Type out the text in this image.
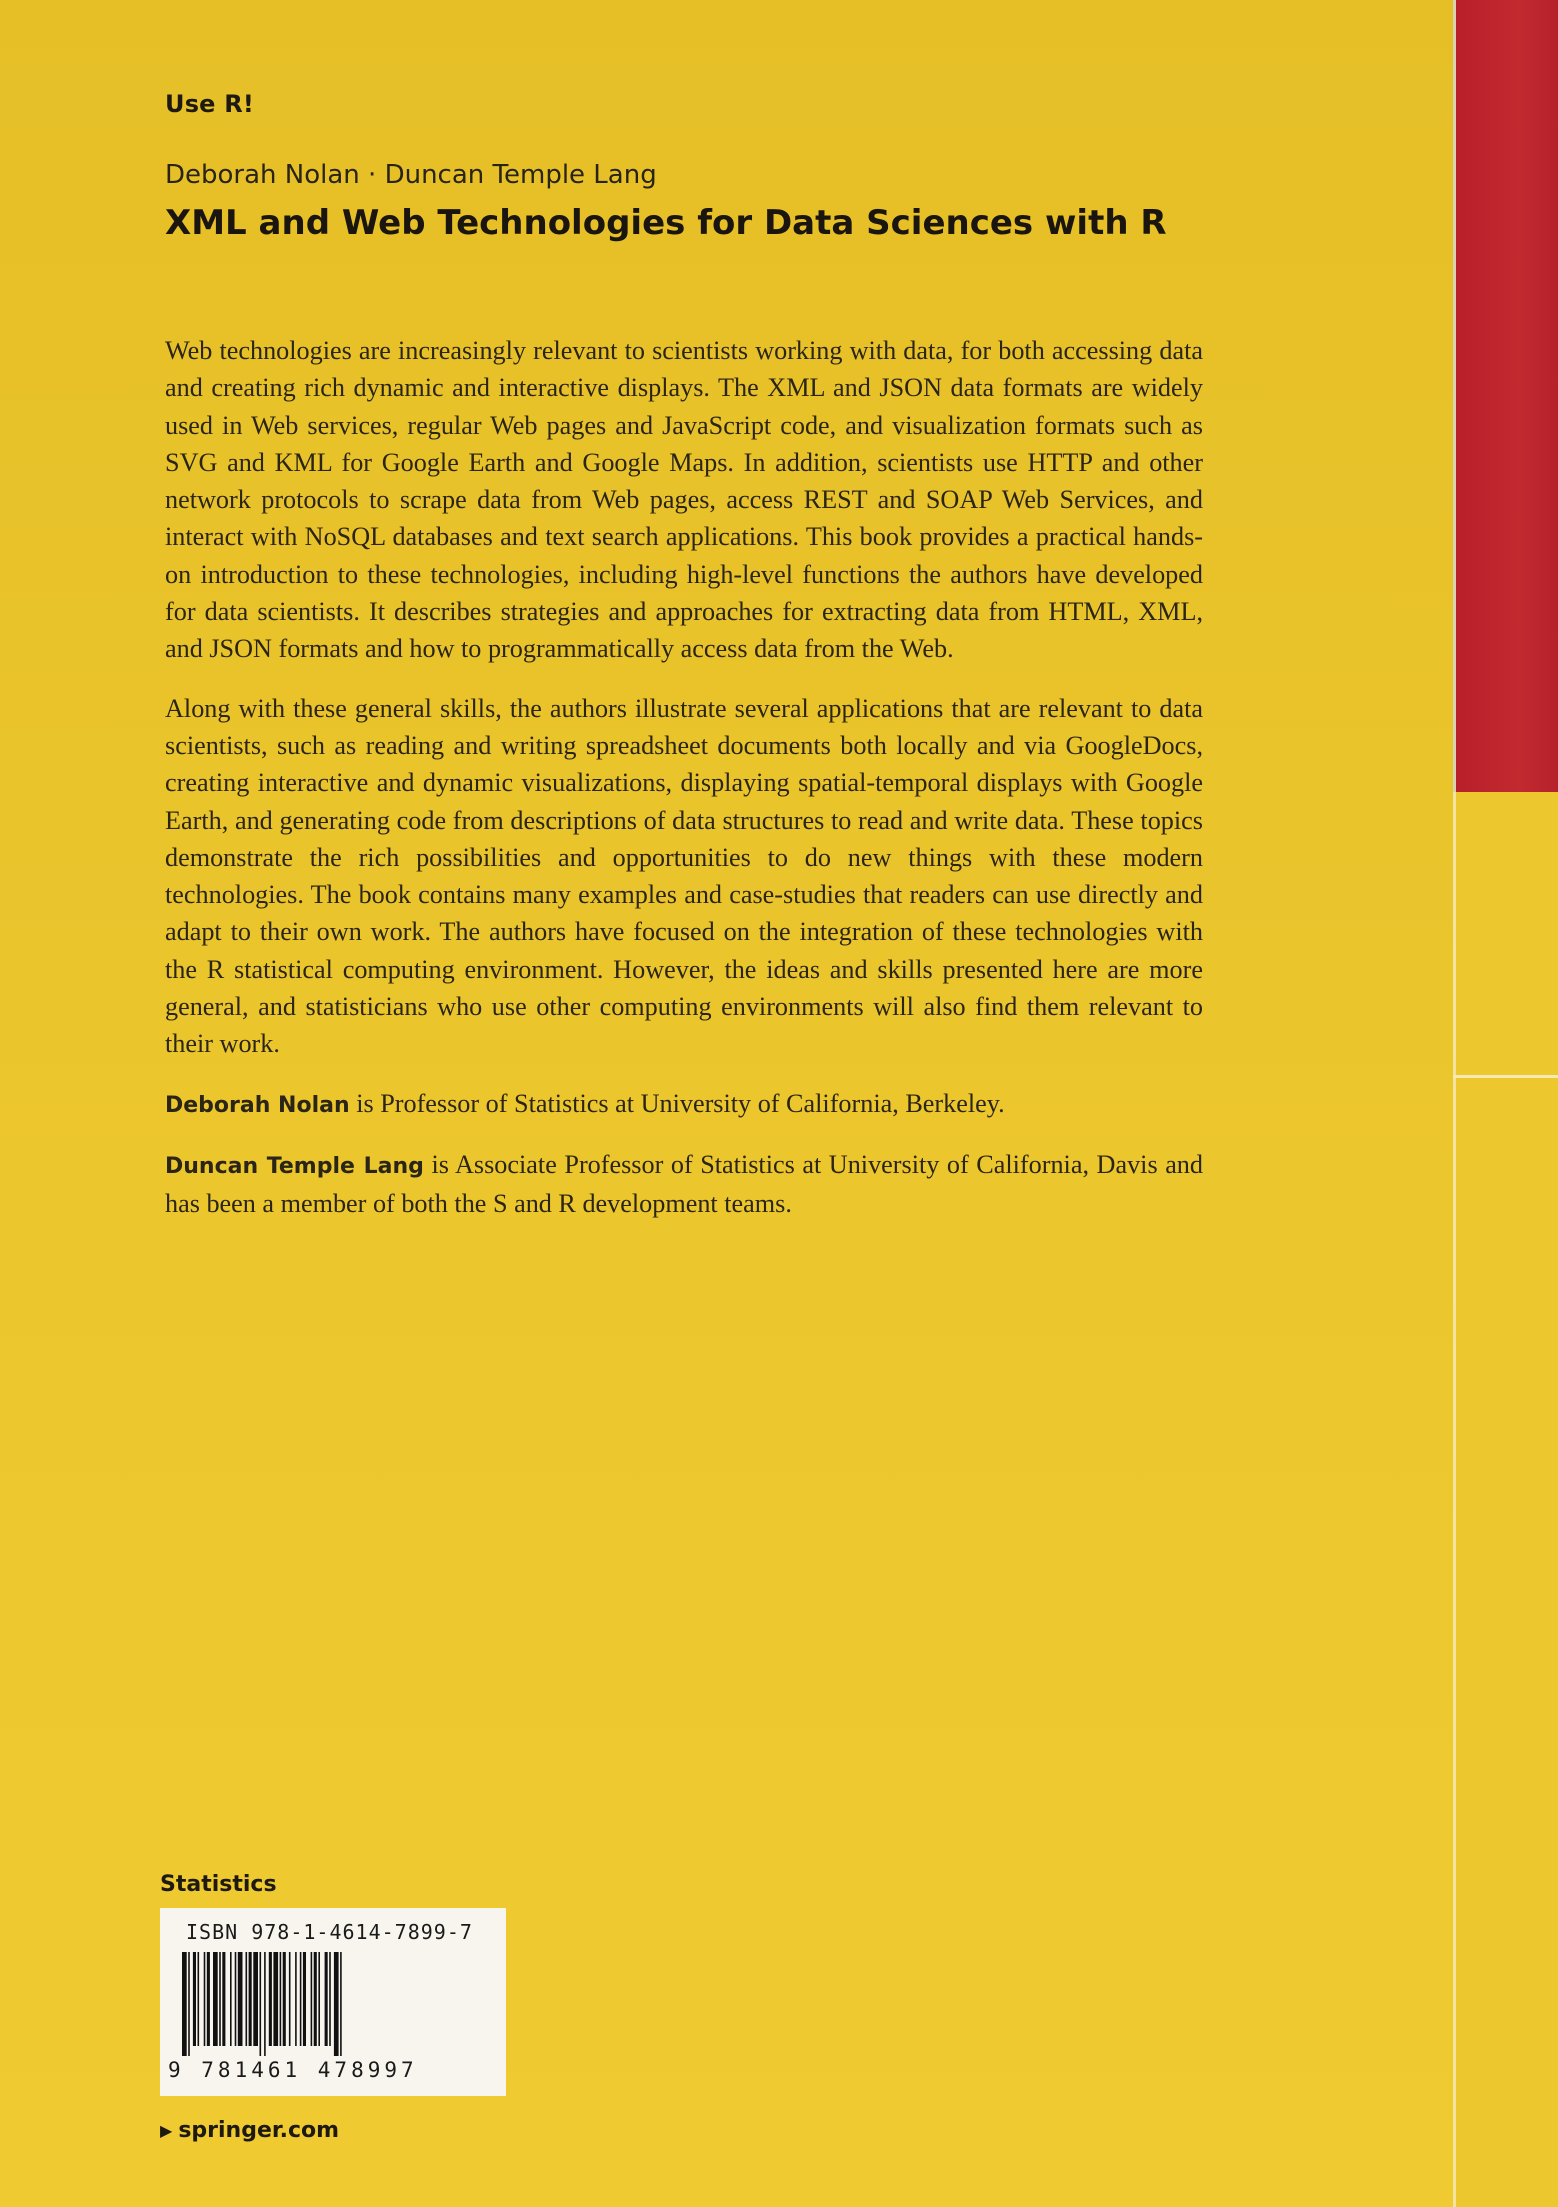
Use R!
Deborah Nolan · Duncan Temple Lang
XML and Web Technologies for Data Sciences with R

Web technologies are increasingly relevant to scientists working with data, for both accessing data and creating rich dynamic and interactive displays. The XML and JSON data formats are widely used in Web services, regular Web pages and JavaScript code, and visualization formats such as SVG and KML for Google Earth and Google Maps. In addition, scientists use HTTP and other network protocols to scrape data from Web pages, access REST and SOAP Web Services, and interact with NoSQL databases and text search applications. This book provides a practical hands-on introduction to these technologies, including high-level functions the authors have developed for data scientists. It describes strategies and approaches for extracting data from HTML, XML, and JSON formats and how to programmatically access data from the Web.

Along with these general skills, the authors illustrate several applications that are relevant to data scientists, such as reading and writing spreadsheet documents both locally and via GoogleDocs, creating interactive and dynamic visualizations, displaying spatial-temporal displays with Google Earth, and generating code from descriptions of data structures to read and write data. These topics demonstrate the rich possibilities and opportunities to do new things with these modern technologies. The book contains many examples and case-studies that readers can use directly and adapt to their own work. The authors have focused on the integration of these technologies with the R statistical computing environment. However, the ideas and skills presented here are more general, and statisticians who use other computing environments will also find them relevant to their work.

Deborah Nolan is Professor of Statistics at University of California, Berkeley.

Duncan Temple Lang is Associate Professor of Statistics at University of California, Davis and has been a member of both the S and R development teams.

Statistics
ISBN 978-1-4614-7899-7
9 781461 478997
▶ springer.com
